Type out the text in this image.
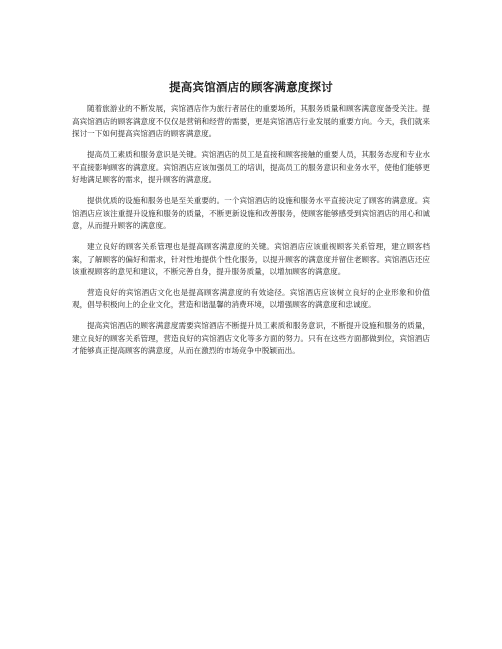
提高宾馆酒店的顾客满意度探讨

随着旅游业的不断发展，宾馆酒店作为旅行者居住的重要场所，其服务质量和顾客满意度备受关注。提高宾馆酒店的顾客满意度不仅仅是营销和经营的需要，更是宾馆酒店行业发展的重要方向。今天，我们就来探讨一下如何提高宾馆酒店的顾客满意度。

提高员工素质和服务意识是关键。宾馆酒店的员工是直接和顾客接触的重要人员，其服务态度和专业水平直接影响顾客的满意度。宾馆酒店应该加强员工的培训，提高员工的服务意识和业务水平，使他们能够更好地满足顾客的需求，提升顾客的满意度。

提供优质的设施和服务也是至关重要的。一个宾馆酒店的设施和服务水平直接决定了顾客的满意度。宾馆酒店应该注重提升设施和服务的质量，不断更新设施和改善服务，使顾客能够感受到宾馆酒店的用心和诚意，从而提升顾客的满意度。

建立良好的顾客关系管理也是提高顾客满意度的关键。宾馆酒店应该重视顾客关系管理，建立顾客档案，了解顾客的偏好和需求，针对性地提供个性化服务，以提升顾客的满意度并留住老顾客。宾馆酒店还应该重视顾客的意见和建议，不断完善自身，提升服务质量，以增加顾客的满意度。

营造良好的宾馆酒店文化也是提高顾客满意度的有效途径。宾馆酒店应该树立良好的企业形象和价值观，倡导积极向上的企业文化，营造和谐温馨的消费环境，以增强顾客的满意度和忠诚度。

提高宾馆酒店的顾客满意度需要宾馆酒店不断提升员工素质和服务意识，不断提升设施和服务的质量，建立良好的顾客关系管理，营造良好的宾馆酒店文化等多方面的努力。只有在这些方面都做到位，宾馆酒店才能够真正提高顾客的满意度，从而在激烈的市场竞争中脱颖而出。
